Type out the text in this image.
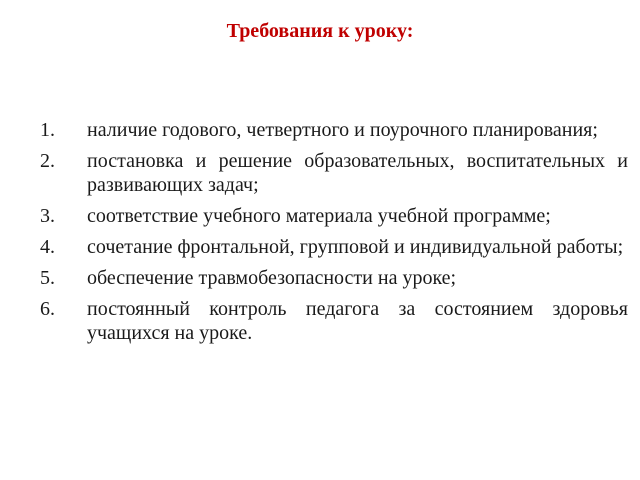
Требования к уроку:
1.	наличие годового, четвертного и поурочного планирования;
2.	постановка и решение образовательных, воспитательных и развивающих задач;
3.	соответствие учебного материала учебной программе;
4.	сочетание фронтальной, групповой и индивидуальной работы;
5.	обеспечение травмобезопасности на уроке;
6.	постоянный контроль педагога за состоянием здоровья учащихся на уроке.
